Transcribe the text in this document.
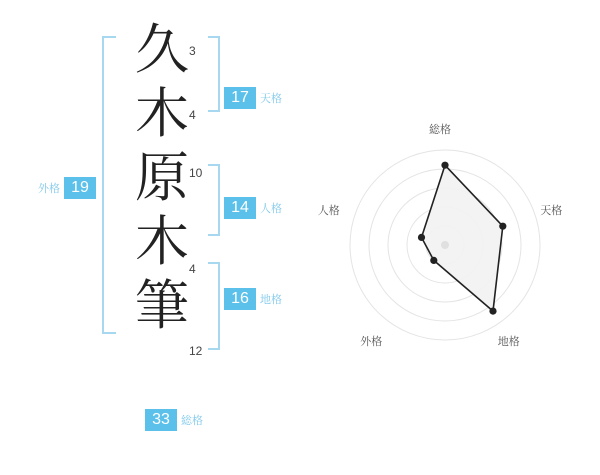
久
木
原
木
筆
3
4
10
4
12
17 天格
14 人格
16 地格
外格 19
33 総格
総格
天格
地格
外格
人格
